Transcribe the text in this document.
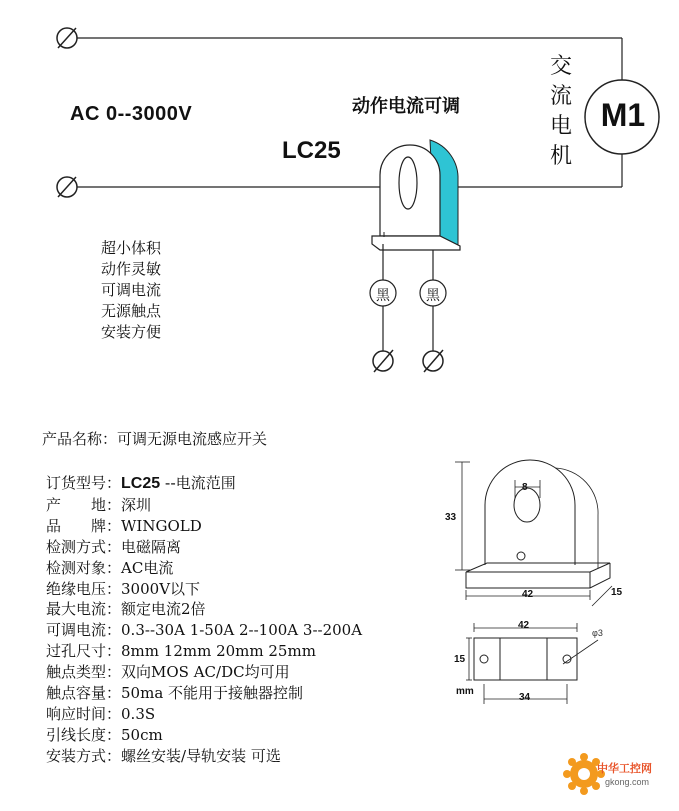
AC 0--3000V	动作电流可调
LC25
交
流
电
机
M1
黑	黑
超小体积
动作灵敏
可调电流
无源触点
安装方便
产品名称：可调无源电流感应开关
订货型号：LC25 --电流范围
产　　地：深圳
品　　牌：WINGOLD
检测方式：电磁隔离
检测对象：AC电流
绝缘电压：3000V以下
最大电流：额定电流2倍
可调电流：0.3--30A 1-50A 2--100A 3--200A
过孔尺寸：8mm 12mm 20mm 25mm
触点类型：双向MOS AC/DC均可用
触点容量：50ma 不能用于接触器控制
响应时间：0.3S
引线长度：50cm
安装方式：螺丝安装/导轨安装 可选
8
33
42	15
42
15
34
φ3
mm
中华工控网
gkong.com
